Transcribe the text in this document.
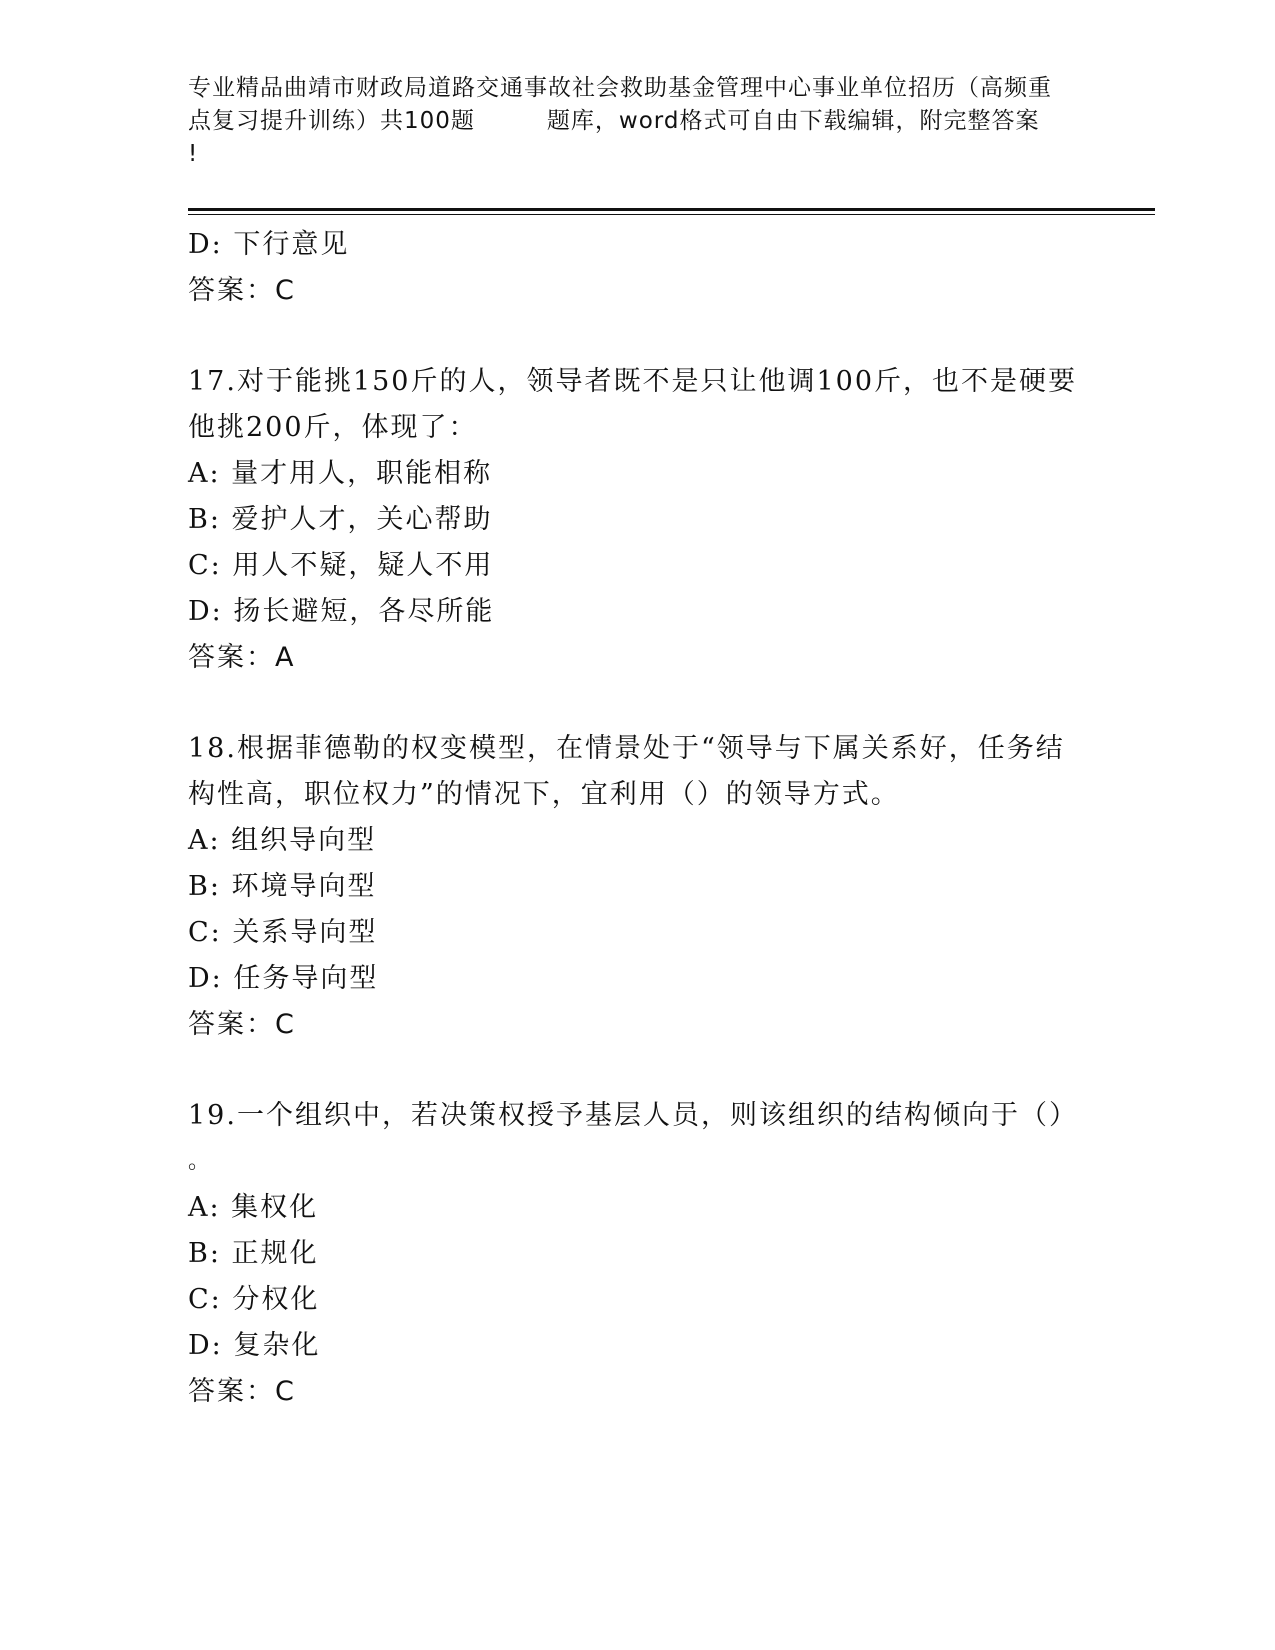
专业精品曲靖市财政局道路交通事故社会救助基金管理中心事业单位招历（高频重
点复习提升训练）共100题	题库，word格式可自由下载编辑，附完整答案
!
D: 下行意见
答案：C
17.对于能挑150斤的人，领导者既不是只让他调100斤，也不是硬要
他挑200斤，体现了：
A: 量才用人，职能相称
B: 爱护人才，关心帮助
C: 用人不疑，疑人不用
D: 扬长避短，各尽所能
答案：A
18.根据菲德勒的权变模型，在情景处于“领导与下属关系好，任务结
构性高，职位权力”的情况下，宜利用（）的领导方式。
A: 组织导向型
B: 环境导向型
C: 关系导向型
D: 任务导向型
答案：C
19.一个组织中，若决策权授予基层人员，则该组织的结构倾向于（）
。
A: 集权化
B: 正规化
C: 分权化
D: 复杂化
答案：C
